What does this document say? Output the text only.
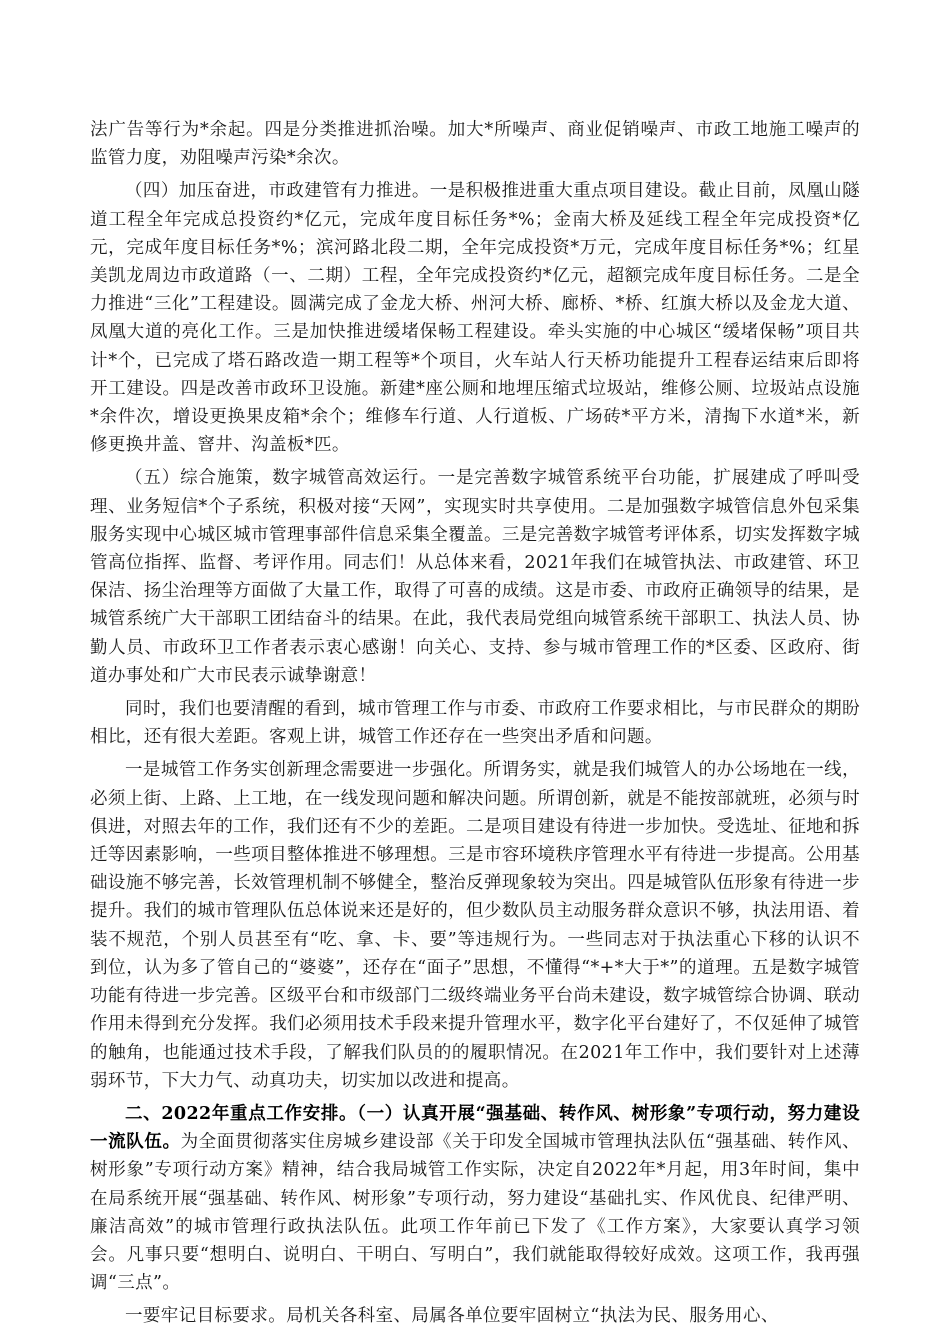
法广告等行为*余起。四是分类推进抓治噪。加大*所噪声、商业促销噪声、市政工地施工噪声的监管力度，劝阻噪声污染*余次。

（四）加压奋进，市政建管有力推进。一是积极推进重大重点项目建设。截止目前，凤凰山隧道工程全年完成总投资约*亿元，完成年度目标任务*%；金南大桥及延线工程全年完成投资*亿元，完成年度目标任务*%；滨河路北段二期，全年完成投资*万元，完成年度目标任务*%；红星美凯龙周边市政道路（一、二期）工程，全年完成投资约*亿元，超额完成年度目标任务。二是全力推进“三化”工程建设。圆满完成了金龙大桥、州河大桥、廊桥、*桥、红旗大桥以及金龙大道、凤凰大道的亮化工作。三是加快推进缓堵保畅工程建设。牵头实施的中心城区“缓堵保畅”项目共计*个，已完成了塔石路改造一期工程等*个项目，火车站人行天桥功能提升工程春运结束后即将开工建设。四是改善市政环卫设施。新建*座公厕和地埋压缩式垃圾站，维修公厕、垃圾站点设施*余件次，增设更换果皮箱*余个；维修车行道、人行道板、广场砖*平方米，清掏下水道*米，新修更换井盖、窨井、沟盖板*匹。

（五）综合施策，数字城管高效运行。一是完善数字城管系统平台功能，扩展建成了呼叫受理、业务短信*个子系统，积极对接“天网”，实现实时共享使用。二是加强数字城管信息外包采集服务实现中心城区城市管理事部件信息采集全覆盖。三是完善数字城管考评体系，切实发挥数字城管高位指挥、监督、考评作用。同志们！从总体来看，2021年我们在城管执法、市政建管、环卫保洁、扬尘治理等方面做了大量工作，取得了可喜的成绩。这是市委、市政府正确领导的结果，是城管系统广大干部职工团结奋斗的结果。在此，我代表局党组向城管系统干部职工、执法人员、协勤人员、市政环卫工作者表示衷心感谢！向关心、支持、参与城市管理工作的*区委、区政府、街道办事处和广大市民表示诚挚谢意！

同时，我们也要清醒的看到，城市管理工作与市委、市政府工作要求相比，与市民群众的期盼相比，还有很大差距。客观上讲，城管工作还存在一些突出矛盾和问题。

一是城管工作务实创新理念需要进一步强化。所谓务实，就是我们城管人的办公场地在一线，必须上街、上路、上工地，在一线发现问题和解决问题。所谓创新，就是不能按部就班，必须与时俱进，对照去年的工作，我们还有不少的差距。二是项目建设有待进一步加快。受选址、征地和拆迁等因素影响，一些项目整体推进不够理想。三是市容环境秩序管理水平有待进一步提高。公用基础设施不够完善，长效管理机制不够健全，整治反弹现象较为突出。四是城管队伍形象有待进一步提升。我们的城市管理队伍总体说来还是好的，但少数队员主动服务群众意识不够，执法用语、着装不规范，个别人员甚至有“吃、拿、卡、要”等违规行为。一些同志对于执法重心下移的认识不到位，认为多了管自己的“婆婆”，还存在“面子”思想，不懂得“*+*大于*”的道理。五是数字城管功能有待进一步完善。区级平台和市级部门二级终端业务平台尚未建设，数字城管综合协调、联动作用未得到充分发挥。我们必须用技术手段来提升管理水平，数字化平台建好了，不仅延伸了城管的触角，也能通过技术手段，了解我们队员的的履职情况。在2021年工作中，我们要针对上述薄弱环节，下大力气、动真功夫，切实加以改进和提高。

二、2022年重点工作安排。（一）认真开展“强基础、转作风、树形象”专项行动，努力建设一流队伍。为全面贯彻落实住房城乡建设部《关于印发全国城市管理执法队伍“强基础、转作风、树形象”专项行动方案》精神，结合我局城管工作实际，决定自2022年*月起，用3年时间，集中在局系统开展“强基础、转作风、树形象”专项行动，努力建设“基础扎实、作风优良、纪律严明、廉洁高效”的城市管理行政执法队伍。此项工作年前已下发了《工作方案》，大家要认真学习领会。凡事只要“想明白、说明白、干明白、写明白”，我们就能取得较好成效。这项工作，我再强调“三点”。

一要牢记目标要求。局机关各科室、局属各单位要牢固树立“执法为民、服务用心、
